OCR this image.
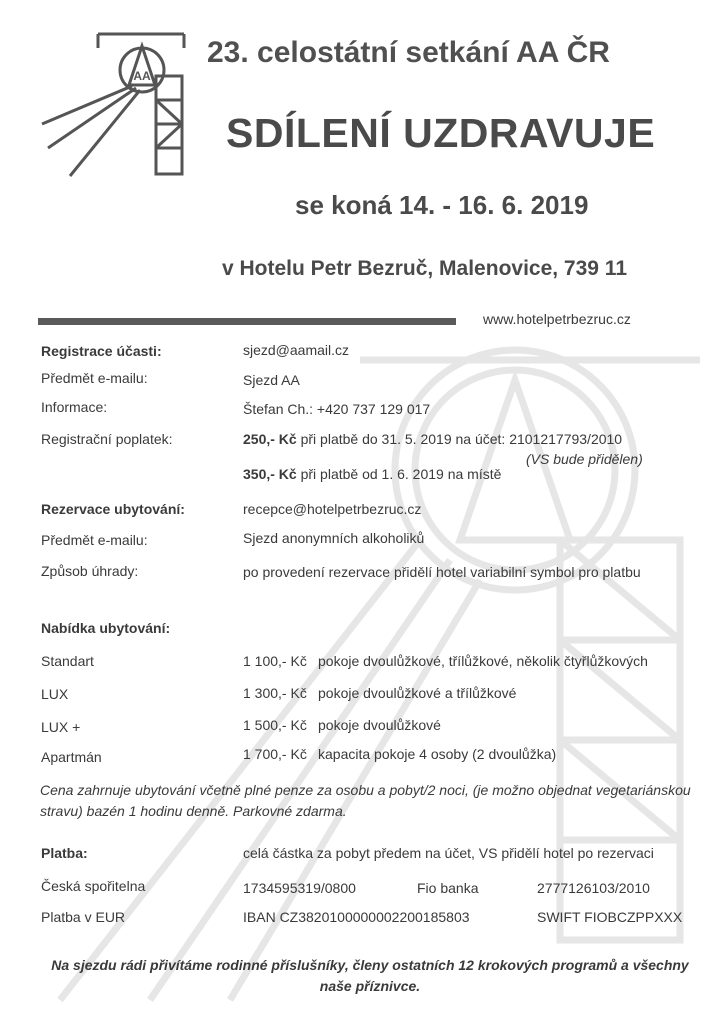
AA
23. celostátní setkání AA ČR
SDÍLENÍ UZDRAVUJE
se koná 14. - 16. 6. 2019
v Hotelu Petr Bezruč, Malenovice, 739 11
www.hotelpetrbezruc.cz
Registrace účasti:	sjezd@aamail.cz
Předmět e-mailu:	Sjezd AA
Informace:	Štefan Ch.: +420 737 129 017
Registrační poplatek:	250,- Kč při platbě do 31. 5. 2019 na účet: 2101217793/2010
(VS bude přidělen)
350,- Kč při platbě od 1. 6. 2019 na místě
Rezervace ubytování:	recepce@hotelpetrbezruc.cz
Předmět e-mailu:	Sjezd anonymních alkoholiků
Způsob úhrady:	po provedení rezervace přidělí hotel variabilní symbol pro platbu
Nabídka ubytování:
Standart	1 100,- Kč pokoje dvoulůžkové, třílůžkové, několik čtyřlůžkových
LUX	1 300,- Kč pokoje dvoulůžkové a třílůžkové
LUX +	1 500,- Kč pokoje dvoulůžkové
Apartmán	1 700,- Kč kapacita pokoje 4 osoby (2 dvoulůžka)
Cena zahrnuje ubytování včetně plné penze za osobu a pobyt/2 noci, (je možno objednat vegetariánskou stravu) bazén 1 hodinu denně. Parkovné zdarma.
Platba:	celá částka za pobyt předem na účet, VS přidělí hotel po rezervaci
Česká spořitelna	1734595319/0800	Fio banka	2777126103/2010
Platba v EUR	IBAN CZ3820100000002200185803	SWIFT FIOBCZPPXXX
Na sjezdu rádi přivítáme rodinné příslušníky, členy ostatních 12 krokových programů a všechny naše příznivce.
